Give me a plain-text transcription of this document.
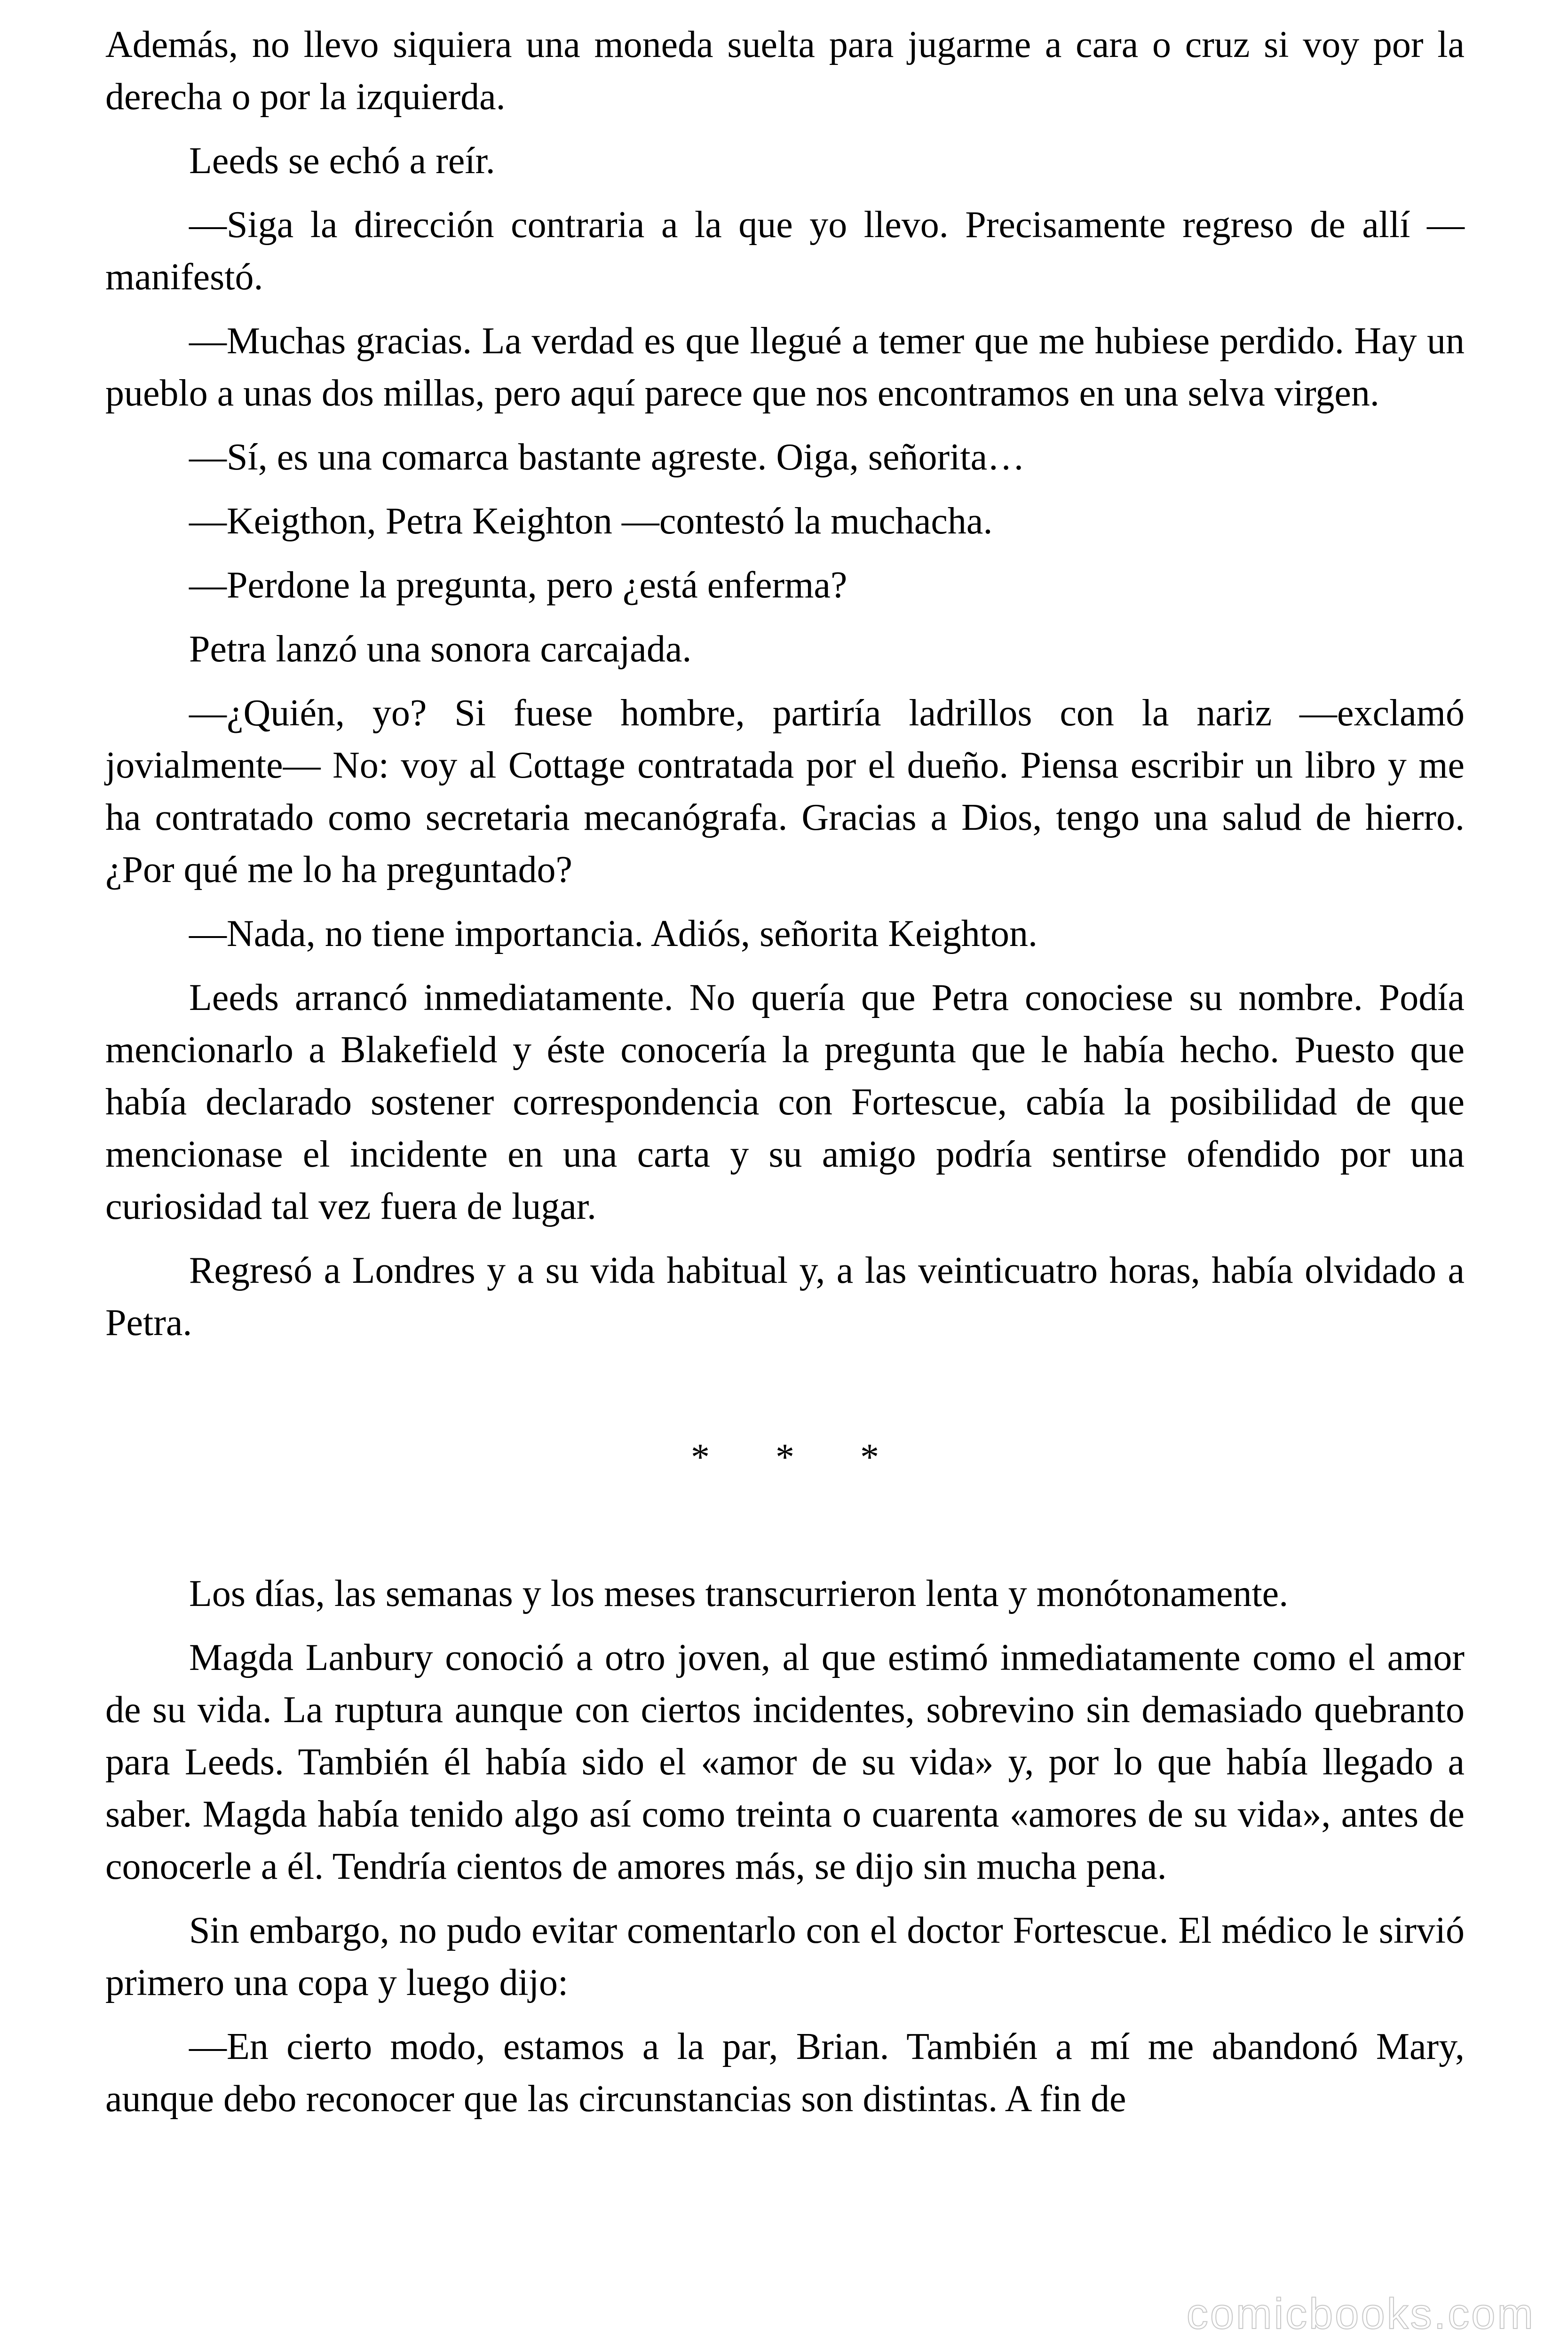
Además, no llevo siquiera una moneda suelta para jugarme a cara o cruz si voy por la derecha o por la izquierda.

Leeds se echó a reír.

—Siga la dirección contraria a la que yo llevo. Precisamente regreso de allí —manifestó.

—Muchas gracias. La verdad es que llegué a temer que me hubiese perdido. Hay un pueblo a unas dos millas, pero aquí parece que nos encontramos en una selva virgen.

—Sí, es una comarca bastante agreste. Oiga, señorita…

—Keigthon, Petra Keighton —contestó la muchacha.

—Perdone la pregunta, pero ¿está enferma?

Petra lanzó una sonora carcajada.

—¿Quién, yo? Si fuese hombre, partiría ladrillos con la nariz —exclamó jovialmente— No: voy al Cottage contratada por el dueño. Piensa escribir un libro y me ha contratado como secretaria mecanógrafa. Gracias a Dios, tengo una salud de hierro. ¿Por qué me lo ha preguntado?

—Nada, no tiene importancia. Adiós, señorita Keighton.

Leeds arrancó inmediatamente. No quería que Petra conociese su nombre. Podía mencionarlo a Blakefield y éste conocería la pregunta que le había hecho. Puesto que había declarado sostener correspondencia con Fortescue, cabía la posibilidad de que mencionase el incidente en una carta y su amigo podría sentirse ofendido por una curiosidad tal vez fuera de lugar.

Regresó a Londres y a su vida habitual y, a las veinticuatro horas, había olvidado a Petra.

* * *

Los días, las semanas y los meses transcurrieron lenta y monótonamente.

Magda Lanbury conoció a otro joven, al que estimó inmediatamente como el amor de su vida. La ruptura aunque con ciertos incidentes, sobrevino sin demasiado quebranto para Leeds. También él había sido el «amor de su vida» y, por lo que había llegado a saber. Magda había tenido algo así como treinta o cuarenta «amores de su vida», antes de conocerle a él. Tendría cientos de amores más, se dijo sin mucha pena.

Sin embargo, no pudo evitar comentarlo con el doctor Fortescue. El médico le sirvió primero una copa y luego dijo:

—En cierto modo, estamos a la par, Brian. También a mí me abandonó Mary, aunque debo reconocer que las circunstancias son distintas. A fin de

comicbooks.com
